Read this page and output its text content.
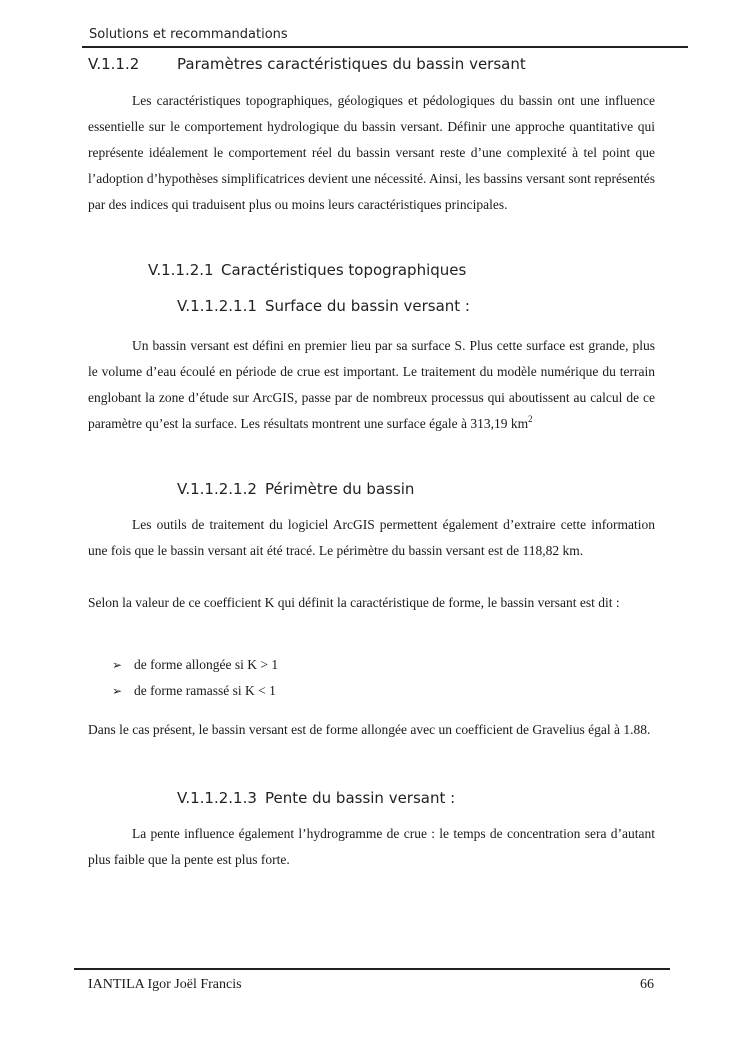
Solutions et recommandations
V.1.1.2	Paramètres caractéristiques du bassin versant

Les caractéristiques topographiques, géologiques et pédologiques du bassin ont une influence essentielle sur le comportement hydrologique du bassin versant. Définir une approche quantitative qui représente idéalement le comportement réel du bassin versant reste d’une complexité à tel point que l’adoption d’hypothèses simplificatrices devient une nécessité. Ainsi, les bassins versant sont représentés par des indices qui traduisent plus ou moins leurs caractéristiques principales.

V.1.1.2.1 Caractéristiques topographiques
V.1.1.2.1.1 Surface du bassin versant :

Un bassin versant est défini en premier lieu par sa surface S. Plus cette surface est grande, plus le volume d’eau écoulé en période de crue est important. Le traitement du modèle numérique du terrain englobant la zone d’étude sur ArcGIS, passe par de nombreux processus qui aboutissent au calcul de ce paramètre qu’est la surface. Les résultats montrent une surface égale à 313,19 $km^2$

V.1.1.2.1.2 Périmètre du bassin

Les outils de traitement du logiciel ArcGIS permettent également d’extraire cette information une fois que le bassin versant ait été tracé. Le périmètre du bassin versant est de 118,82 km.

Selon la valeur de ce coefficient K qui définit la caractéristique de forme, le bassin versant est dit :

➢ de forme allongée si K > 1
➢ de forme ramassé si K < 1

Dans le cas présent, le bassin versant est de forme allongée avec un coefficient de Gravelius égal à 1.88.

V.1.1.2.1.3 Pente du bassin versant :

La pente influence également l’hydrogramme de crue : le temps de concentration sera d’autant plus faible que la pente est plus forte.

IANTILA Igor Joël Francis	66
